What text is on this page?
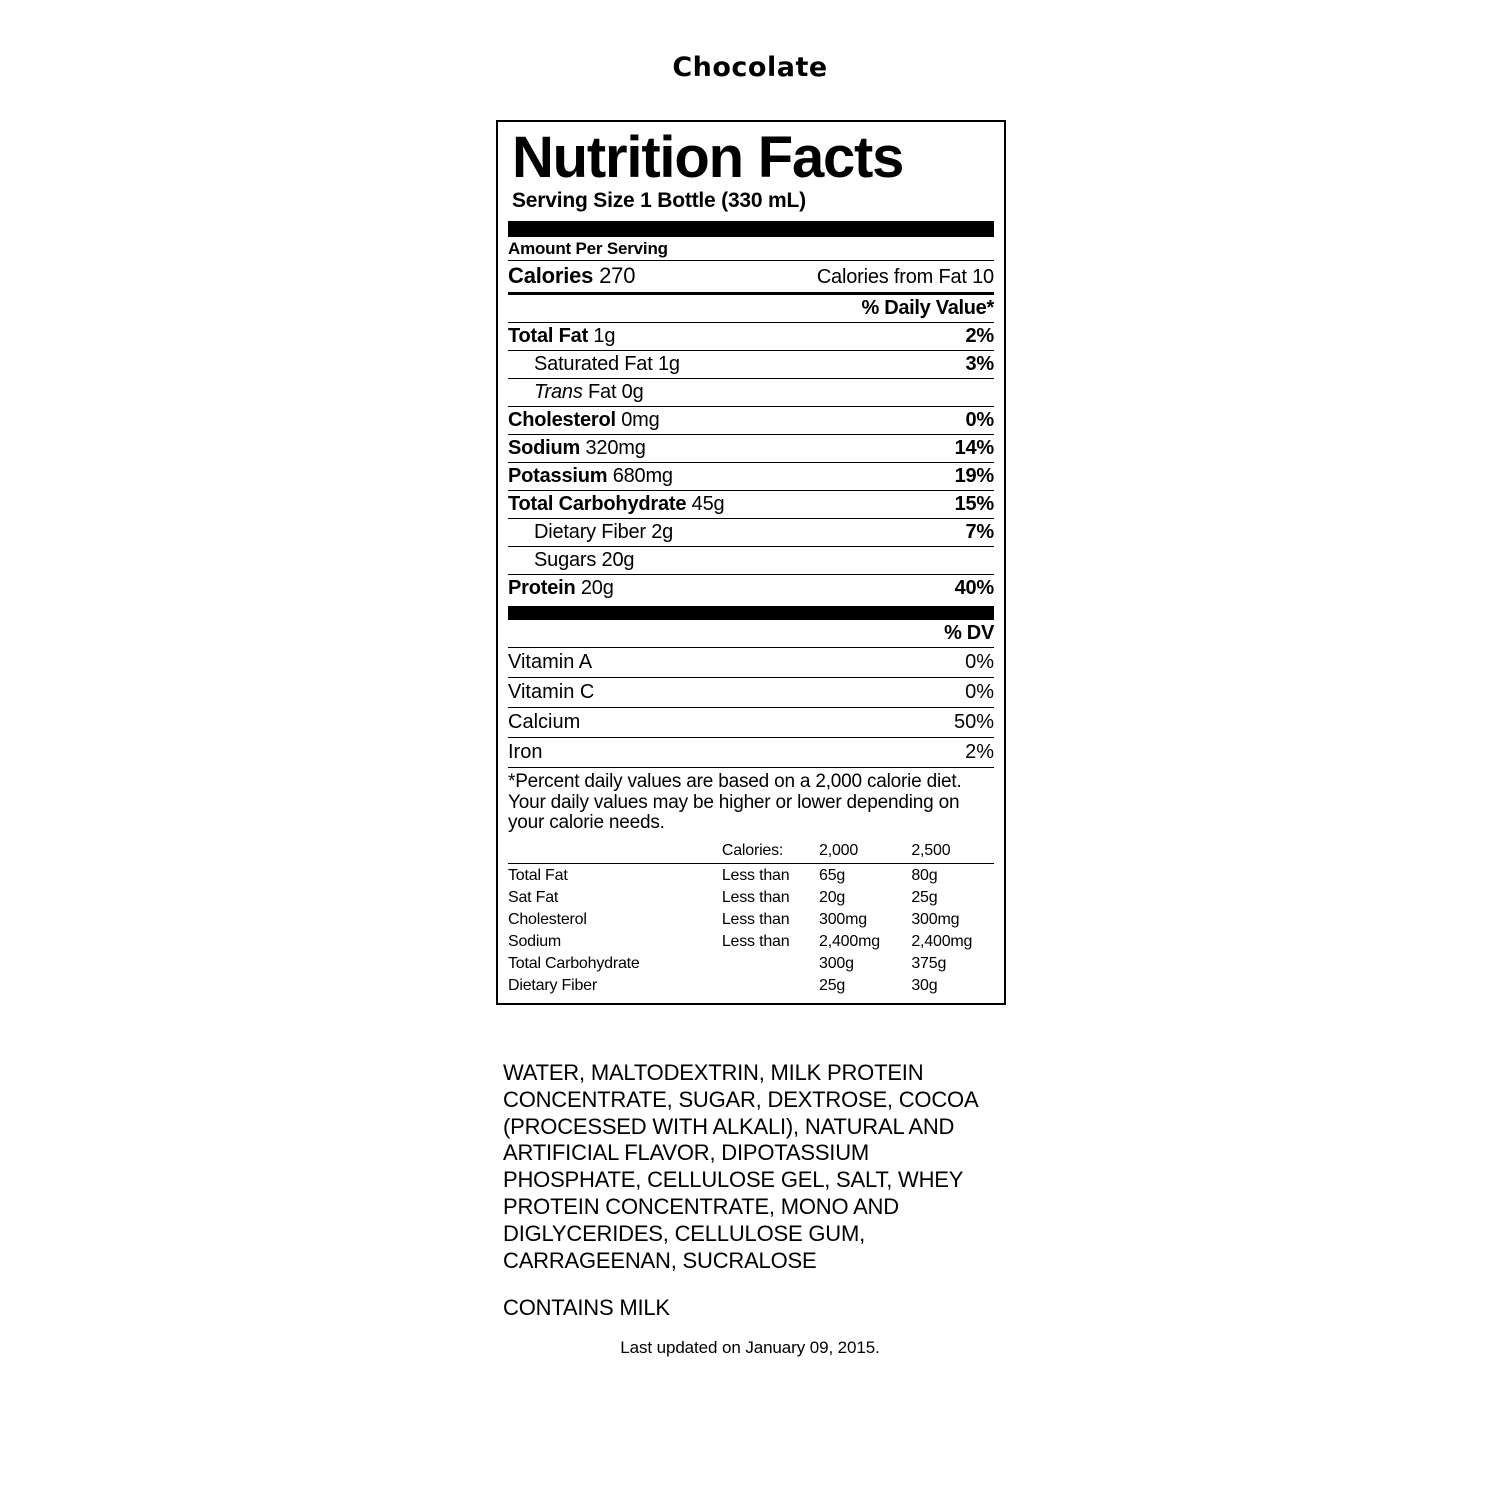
Chocolate
Nutrition Facts
Serving Size 1 Bottle (330 mL)
Amount Per Serving
Calories 270	Calories from Fat 10
% Daily Value*
Total Fat 1g	2%
Saturated Fat 1g	3%
Trans Fat 0g
Cholesterol 0mg	0%
Sodium 320mg	14%
Potassium 680mg	19%
Total Carbohydrate 45g	15%
Dietary Fiber 2g	7%
Sugars 20g
Protein 20g	40%
% DV
Vitamin A	0%
Vitamin C	0%
Calcium	50%
Iron	2%
*Percent daily values are based on a 2,000 calorie diet. Your daily values may be higher or lower depending on your calorie needs.
	Calories:	2,000	2,500
Total Fat	Less than	65g	80g
Sat Fat	Less than	20g	25g
Cholesterol	Less than	300mg	300mg
Sodium	Less than	2,400mg	2,400mg
Total Carbohydrate		300g	375g
Dietary Fiber		25g	30g
WATER, MALTODEXTRIN, MILK PROTEIN CONCENTRATE, SUGAR, DEXTROSE, COCOA (PROCESSED WITH ALKALI), NATURAL AND ARTIFICIAL FLAVOR, DIPOTASSIUM PHOSPHATE, CELLULOSE GEL, SALT, WHEY PROTEIN CONCENTRATE, MONO AND DIGLYCERIDES, CELLULOSE GUM, CARRAGEENAN, SUCRALOSE
CONTAINS MILK
Last updated on January 09, 2015.
